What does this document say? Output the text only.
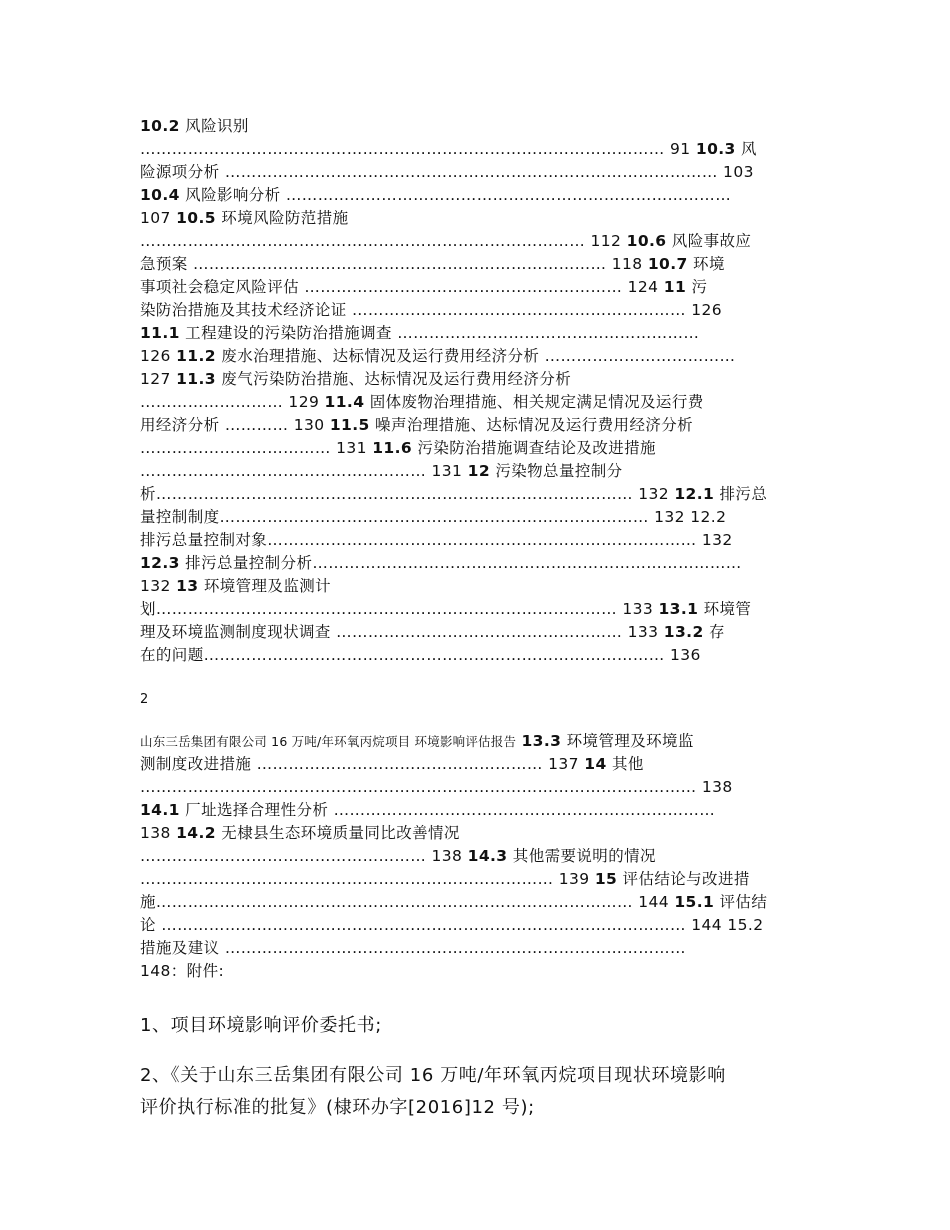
10.2 风险识别
……………………………………………………………………………………… 91 10.3 风
险源项分析 ………………………………………………………………………………… 103
10.4 风险影响分析 …………………………………………………………………………
107 10.5 环境风险防范措施
………………………………………………………………………… 112 10.6 风险事故应
急预案 …………………………………………………………………… 118 10.7 环境
事项社会稳定风险评估 …………………………………………………… 124 11 污
染防治措施及其技术经济论证 ……………………………………………………… 126
11.1 工程建设的污染防治措施调查 …………………………………………………
126 11.2 废水治理措施、达标情况及运行费用经济分析 ………………………………
127 11.3 废气污染防治措施、达标情况及运行费用经济分析
……………………… 129 11.4 固体废物治理措施、相关规定满足情况及运行费
用经济分析 ………… 130 11.5 噪声治理措施、达标情况及运行费用经济分析
……………………………… 131 11.6 污染防治措施调查结论及改进措施
……………………………………………… 131 12 污染物总量控制分
析……………………………………………………………………………… 132 12.1 排污总
量控制制度……………………………………………………………………… 132 12.2
排污总量控制对象……………………………………………………………………… 132
12.3 排污总量控制分析………………………………………………………………………
132 13 环境管理及监测计
划…………………………………………………………………………… 133 13.1 环境管
理及环境监测制度现状调查 ……………………………………………… 133 13.2 存
在的问题…………………………………………………………………………… 136
2
山东三岳集团有限公司 16 万吨/年环氧丙烷项目 环境影响评估报告 13.3 环境管理及环境监
测制度改进措施 ……………………………………………… 137 14 其他
…………………………………………………………………………………………… 138
14.1 厂址选择合理性分析 ………………………………………………………………
138 14.2 无棣县生态环境质量同比改善情况
……………………………………………… 138 14.3 其他需要说明的情况
…………………………………………………………………… 139 15 评估结论与改进措
施……………………………………………………………………………… 144 15.1 评估结
论 ……………………………………………………………………………………… 144 15.2
措施及建议 ……………………………………………………………………………
148：附件:
1、项目环境影响评价委托书;
2、《关于山东三岳集团有限公司 16 万吨/年环氧丙烷项目现状环境影响
评价执行标准的批复》(棣环办字[2016]12 号);
